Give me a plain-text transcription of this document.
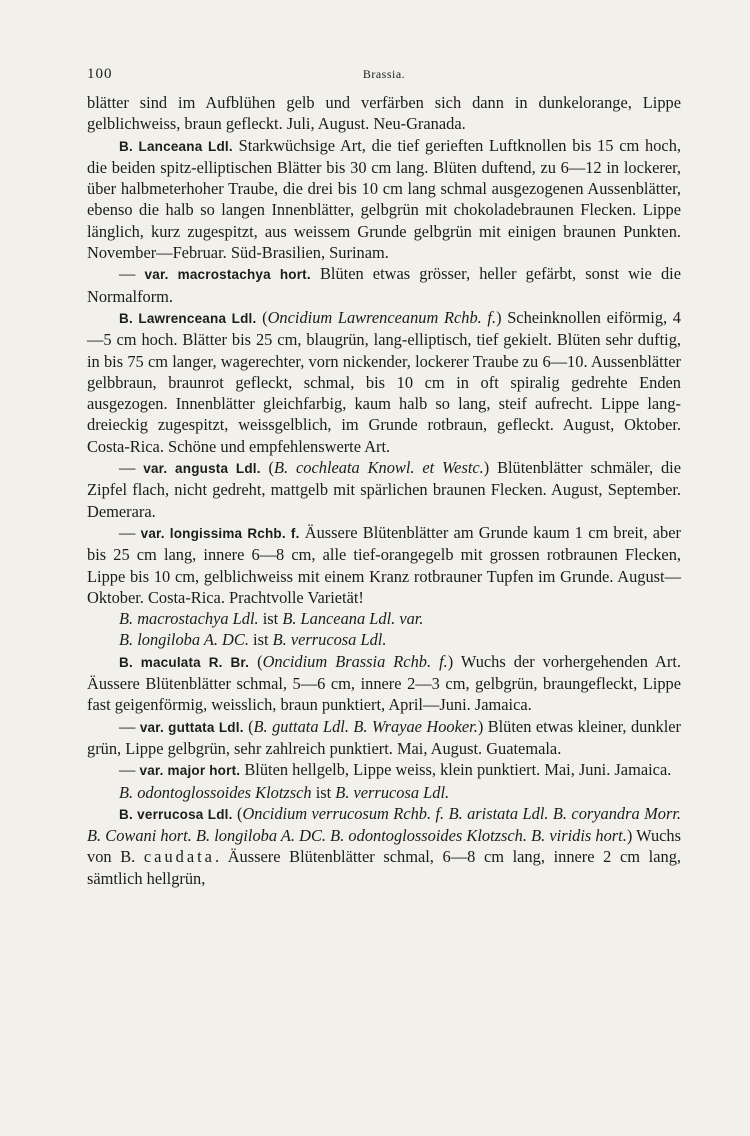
100	Brassia.

blätter sind im Aufblühen gelb und verfärben sich dann in dunkelorange, Lippe gelblichweiss, braun gefleckt. Juli, August. Neu-Granada.

B. Lanceana Ldl. Starkwüchsige Art, die tief gerieften Luftknollen bis 15 cm hoch, die beiden spitz-elliptischen Blätter bis 30 cm lang. Blüten duftend, zu 6—12 in lockerer, über halbmeterhoher Traube, die drei bis 10 cm lang schmal ausgezogenen Aussenblätter, ebenso die halb so langen Innenblätter, gelbgrün mit chokoladebraunen Flecken. Lippe länglich, kurz zugespitzt, aus weissem Grunde gelbgrün mit einigen braunen Punkten. November—Februar. Süd-Brasilien, Surinam.

— var. macrostachya hort. Blüten etwas grösser, heller gefärbt, sonst wie die Normalform.

B. Lawrenceana Ldl. (Oncidium Lawrenceanum Rchb. f.) Scheinknollen eiförmig, 4—5 cm hoch. Blätter bis 25 cm, blaugrün, lang-elliptisch, tief gekielt. Blüten sehr duftig, in bis 75 cm langer, wagerechter, vorn nickender, lockerer Traube zu 6—10. Aussenblätter gelbbraun, braunrot gefleckt, schmal, bis 10 cm in oft spiralig gedrehte Enden ausgezogen. Innenblätter gleichfarbig, kaum halb so lang, steif aufrecht. Lippe lang-dreieckig zugespitzt, weissgelblich, im Grunde rotbraun, gefleckt. August, Oktober. Costa-Rica. Schöne und empfehlenswerte Art.

— var. angusta Ldl. (B. cochleata Knowl. et Westc.) Blütenblätter schmäler, die Zipfel flach, nicht gedreht, mattgelb mit spärlichen braunen Flecken. August, September. Demerara.

— var. longissima Rchb. f. Äussere Blütenblätter am Grunde kaum 1 cm breit, aber bis 25 cm lang, innere 6—8 cm, alle tief-orangegelb mit grossen rotbraunen Flecken, Lippe bis 10 cm, gelblichweiss mit einem Kranz rotbrauner Tupfen im Grunde. August—Oktober. Costa-Rica. Prachtvolle Varietät!

B. macrostachya Ldl. ist B. Lanceana Ldl. var.

B. longiloba A. DC. ist B. verrucosa Ldl.

B. maculata R. Br. (Oncidium Brassia Rchb. f.) Wuchs der vorhergehenden Art. Äussere Blütenblätter schmal, 5—6 cm, innere 2—3 cm, gelbgrün, braungefleckt, Lippe fast geigenförmig, weisslich, braun punktiert, April—Juni. Jamaica.

— var. guttata Ldl. (B. guttata Ldl. B. Wrayae Hooker.) Blüten etwas kleiner, dunkler grün, Lippe gelbgrün, sehr zahlreich punktiert. Mai, August. Guatemala.

— var. major hort. Blüten hellgelb, Lippe weiss, klein punktiert. Mai, Juni. Jamaica.

B. odontoglossoides Klotzsch ist B. verrucosa Ldl.

B. verrucosa Ldl. (Oncidium verrucosum Rchb. f. B. aristata Ldl. B. coryandra Morr. B. Cowani hort. B. longiloba A. DC. B. odontoglossoides Klotzsch. B. viridis hort.) Wuchs von B. caudata. Äussere Blütenblätter schmal, 6—8 cm lang, innere 2 cm lang, sämtlich hellgrün,
